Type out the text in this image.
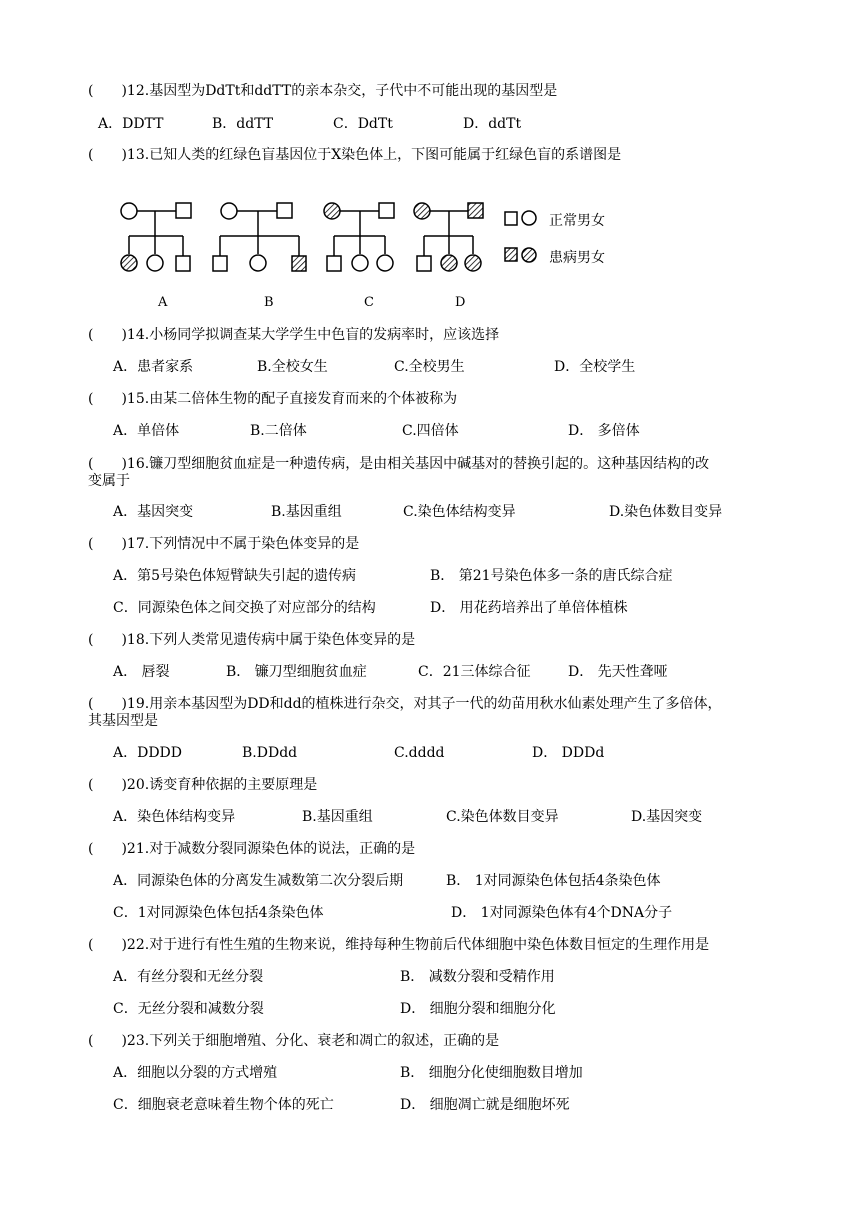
(　　)12.基因型为DdTt和ddTT的亲本杂交，子代中不可能出现的基因型是
A．DDTT	B．ddTT	C．DdTt	D．ddTt
(　　)13.已知人类的红绿色盲基因位于X染色体上，下图可能属于红绿色盲的系谱图是
正常男女
患病男女
A	B	C	D
(　　)14.小杨同学拟调查某大学学生中色盲的发病率时，应该选择
A．患者家系	B.全校女生	C.全校男生	D．全校学生
(　　)15.由某二倍体生物的配子直接发育而来的个体被称为
A．单倍体	B.二倍体	C.四倍体	D． 多倍体
(　　)16.镰刀型细胞贫血症是一种遗传病，是由相关基因中碱基对的替换引起的。这种基因结构的改
变属于
A．基因突变	B.基因重组	C.染色体结构变异	D.染色体数目变异
(　　)17.下列情况中不属于染色体变异的是
A．第5号染色体短臂缺失引起的遗传病	B． 第21号染色体多一条的唐氏综合症
C．同源染色体之间交换了对应部分的结构	D． 用花药培养出了单倍体植株
(　　)18.下列人类常见遗传病中属于染色体变异的是
A． 唇裂	B． 镰刀型细胞贫血症	C．21三体综合征	D． 先天性聋哑
(　　)19.用亲本基因型为DD和dd的植株进行杂交，对其子一代的幼苗用秋水仙素处理产生了多倍体，
其基因型是
A．DDDD	B.DDdd	C.dddd	D． DDDd
(　　)20.诱变育种依据的主要原理是
A．染色体结构变异	B.基因重组	C.染色体数目变异	D.基因突变
(　　)21.对于减数分裂同源染色体的说法，正确的是
A．同源染色体的分离发生减数第二次分裂后期	B． 1对同源染色体包括4条染色体
C．1对同源染色体包括4条染色体	D． 1对同源染色体有4个DNA分子
(　　)22.对于进行有性生殖的生物来说，维持每种生物前后代体细胞中染色体数目恒定的生理作用是
A．有丝分裂和无丝分裂	B． 减数分裂和受精作用
C．无丝分裂和减数分裂	D． 细胞分裂和细胞分化
(　　)23.下列关于细胞增殖、分化、衰老和凋亡的叙述，正确的是
A．细胞以分裂的方式增殖	B． 细胞分化使细胞数目增加
C．细胞衰老意味着生物个体的死亡	D． 细胞凋亡就是细胞坏死
